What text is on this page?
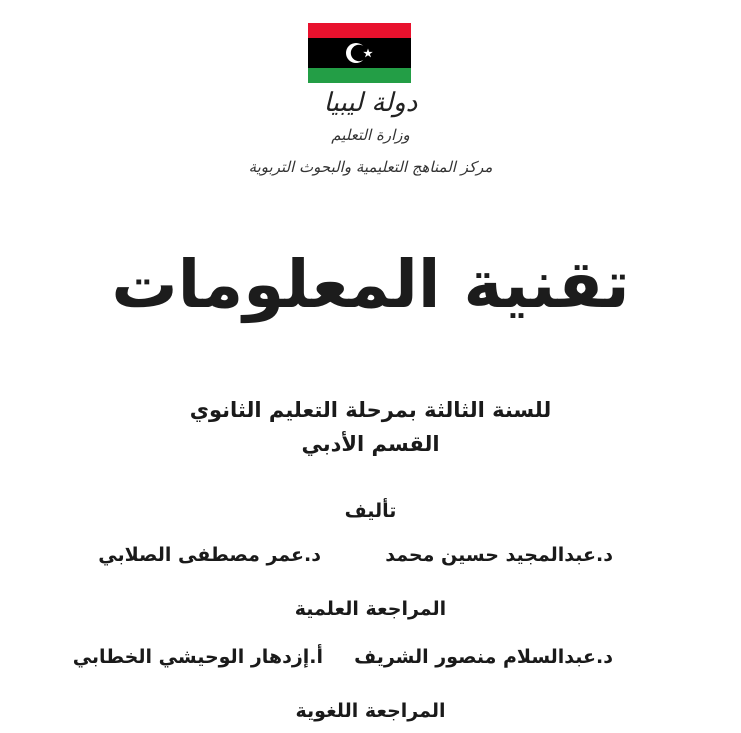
دولة ليبيا
وزارة التعليم
مركز المناهج التعليمية والبحوث التربوية
تقنية المعلومات
للسنة الثالثة بمرحلة التعليم الثانوي
القسم الأدبي
تأليف
د.عبدالمجيد حسين محمد
د.عمر مصطفى الصلابي
المراجعة العلمية
د.عبدالسلام منصور الشريف
أ.إزدهار الوحيشي الخطابي
المراجعة اللغوية
